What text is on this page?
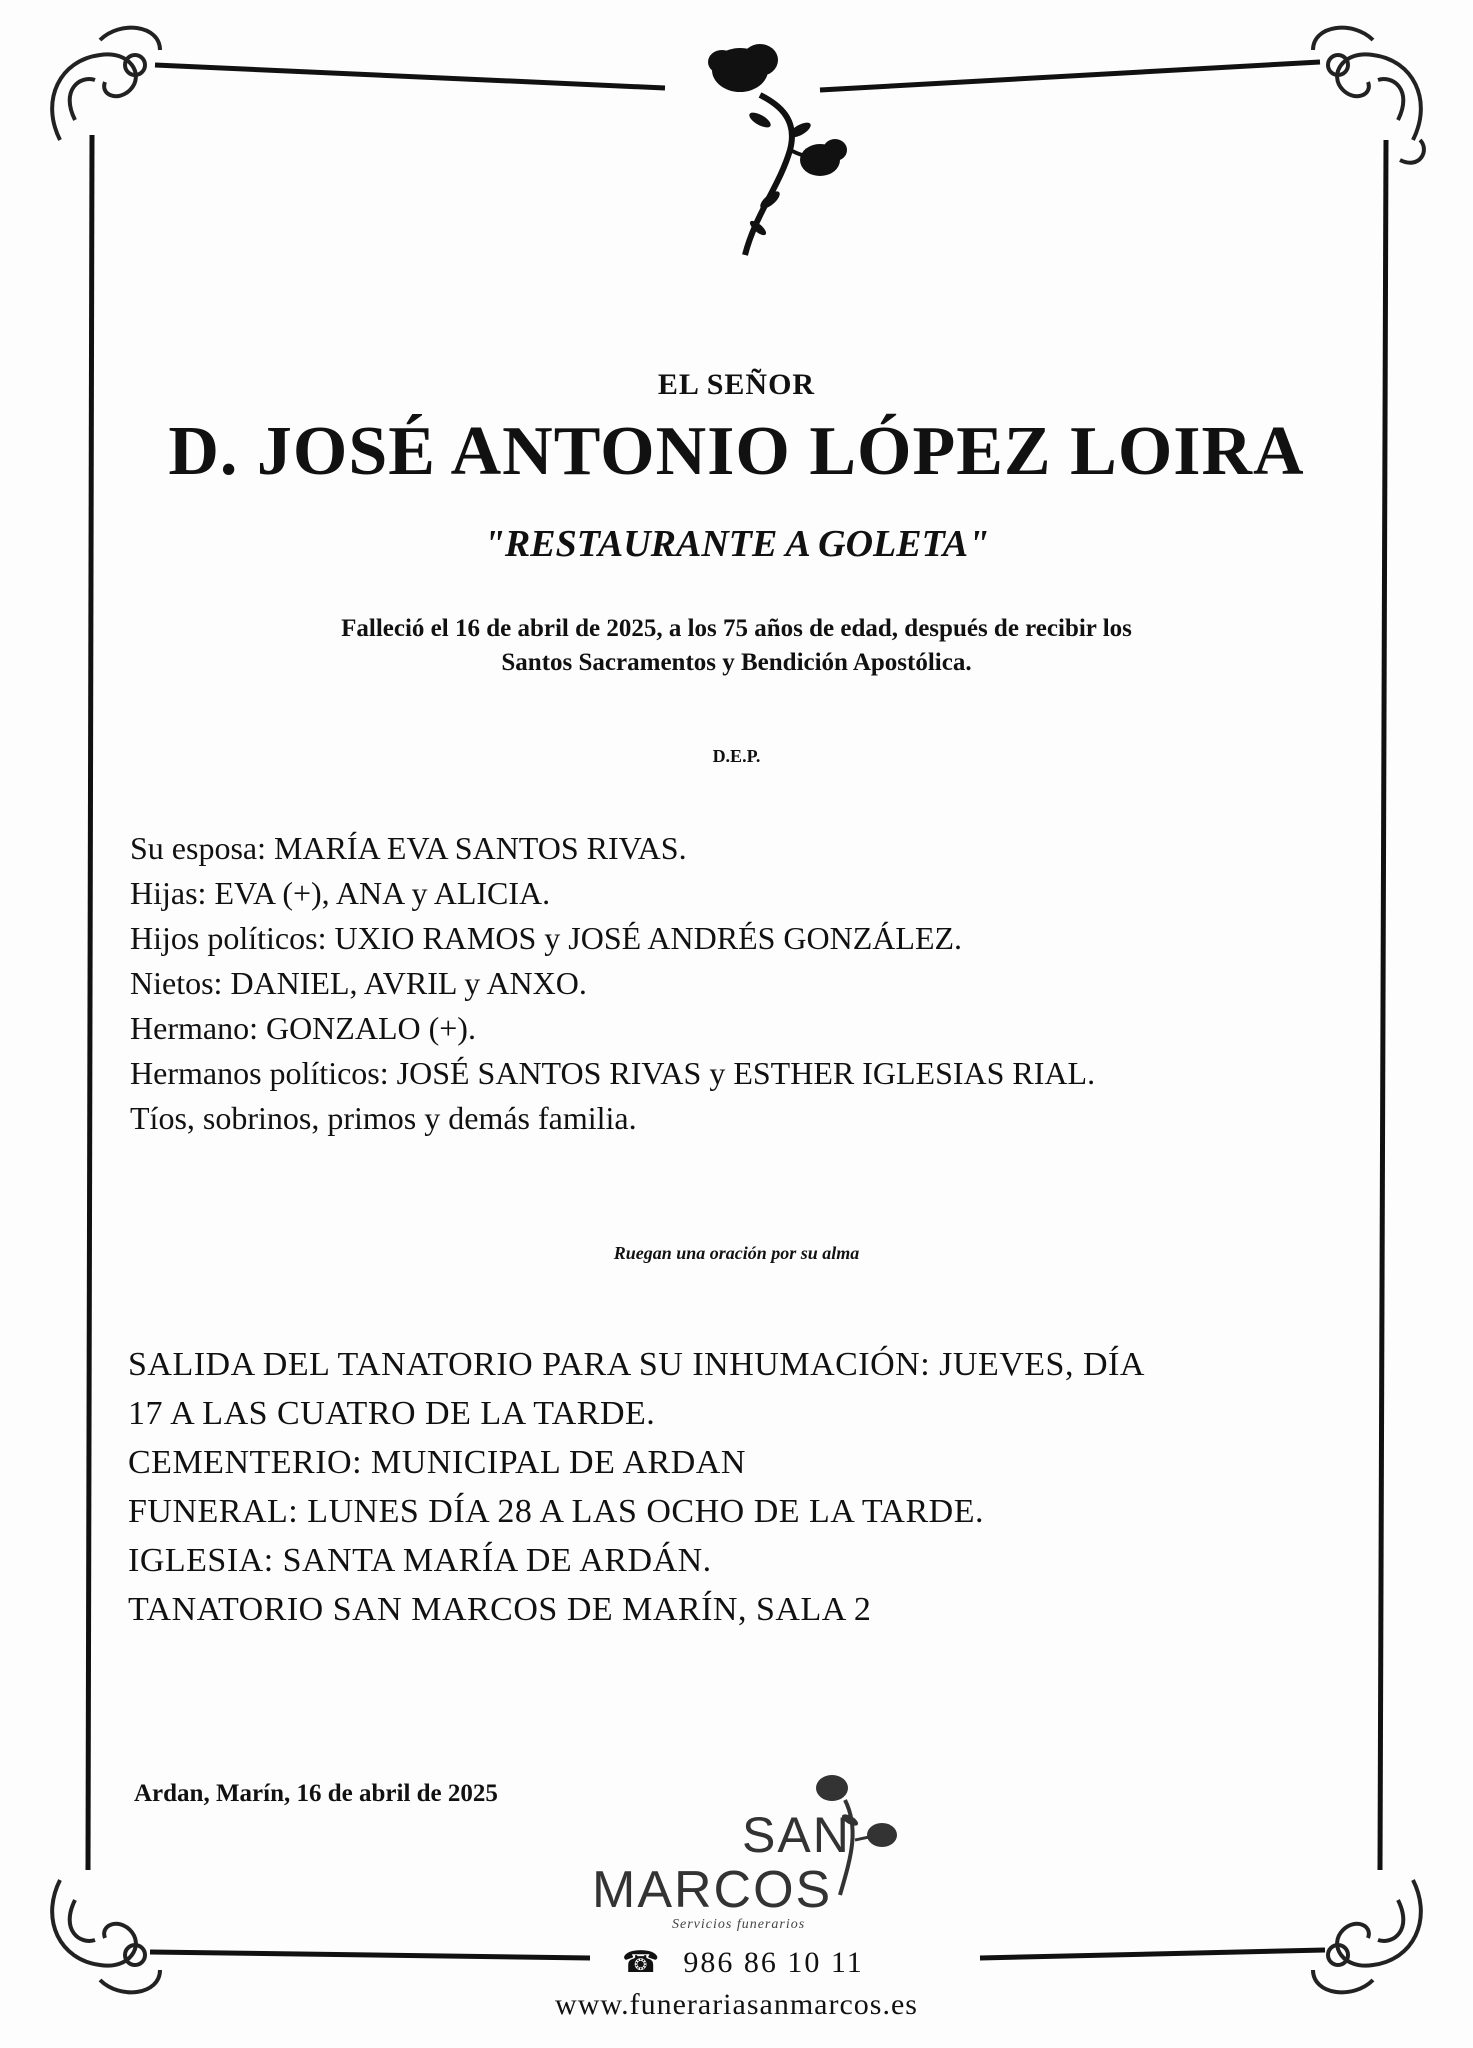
EL SEÑOR
D. JOSÉ ANTONIO LÓPEZ LOIRA
"RESTAURANTE A GOLETA"
Falleció el 16 de abril de 2025, a los 75 años de edad, después de recibir los
Santos Sacramentos y Bendición Apostólica.
D.E.P.
Su esposa: MARÍA EVA SANTOS RIVAS.
Hijas: EVA (+), ANA y ALICIA.
Hijos políticos: UXIO RAMOS y JOSÉ ANDRÉS GONZÁLEZ.
Nietos: DANIEL, AVRIL y ANXO.
Hermano: GONZALO (+).
Hermanos políticos: JOSÉ SANTOS RIVAS y ESTHER IGLESIAS RIAL.
Tíos, sobrinos, primos y demás familia.
Ruegan una oración por su alma
SALIDA DEL TANATORIO PARA SU INHUMACIÓN: JUEVES, DÍA
17 A LAS CUATRO DE LA TARDE.
CEMENTERIO: MUNICIPAL DE ARDAN
FUNERAL: LUNES DÍA 28 A LAS OCHO DE LA TARDE.
IGLESIA: SANTA MARÍA DE ARDÁN.
TANATORIO SAN MARCOS DE MARÍN, SALA 2
Ardan, Marín, 16 de abril de 2025
SAN
MARCOS
Servicios funerarios
☎ 986 86 10 11
www.funerariasanmarcos.es
